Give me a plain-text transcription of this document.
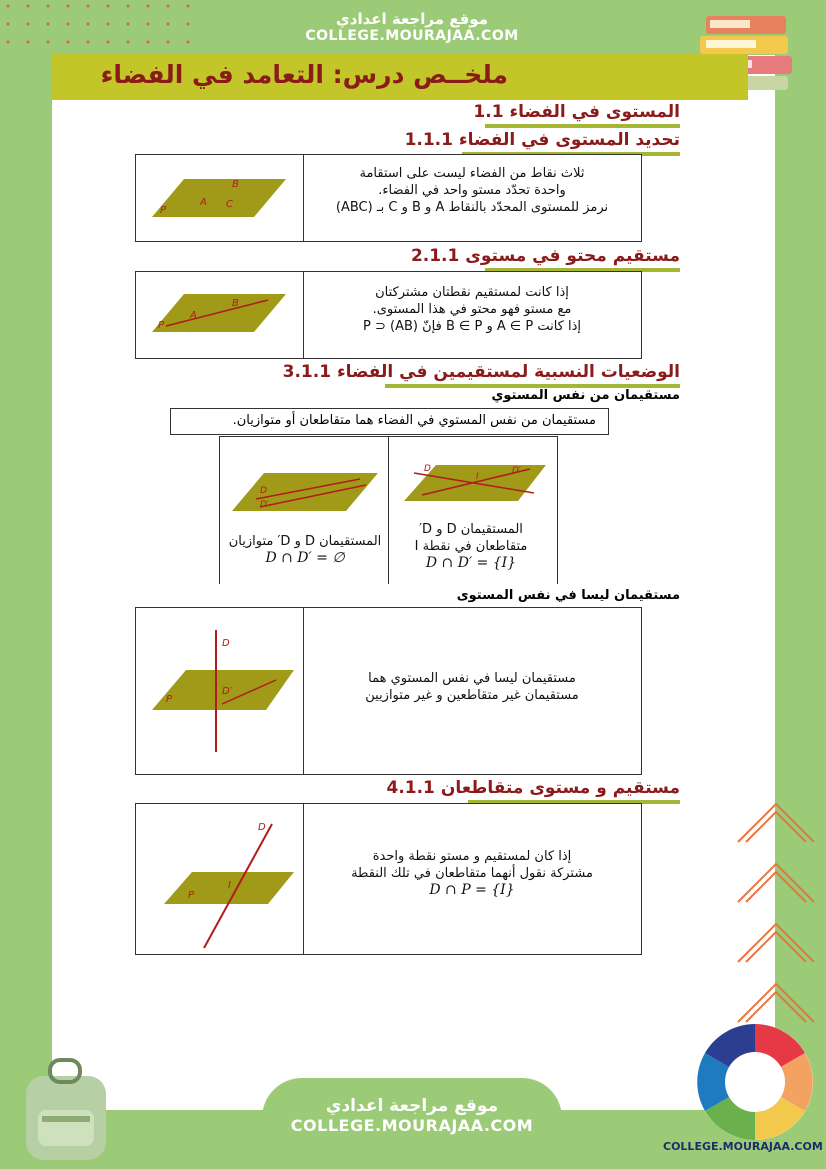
موقع مراجعة اعدادي
COLLEGE.MOURAJAA.COM
ملخــص درس: التعامد في الفضاء
المستوى في الفضاء 1.1
تحديد المستوى في الفضاء 1.1.1
P
A
B
C
ثلاث نقاط من الفضاء ليست على استقامة
واحدة تحدّد مستو واحد في الفضاء.
نرمز للمستوى المحدّد بالنقاط A و B و C بـ (ABC)
مستقيم محتو في مستوى 2.1.1
P
A
B
إذا كانت لمستقيم نقطتان مشتركتان
مع مستو فهو محتو في هذا المستوى.
إذا كانت A ∈ P و B ∈ P فإنّ (AB) ⊂ P
الوضعيات النسبية لمستقيمين في الفضاء 3.1.1
مستقيمان من نفس المستوي
مستقيمان من نفس المستوي في الفضاء هما متقاطعان أو متوازيان.
D	D′
I
المستقيمان D و D′
متقاطعان في نقطة I
D ∩ D′ = {I}
D
D′
المستقيمان D و D′ متوازيان
D ∩ D′ = ∅
مستقيمان ليسا في نفس المستوى
D
D′
P
مستقيمان ليسا في نفس المستوي هما
مستقيمان غير متقاطعين و غير متوازيين
مستقيم و مستوى متقاطعان 4.1.1
D
P
I
إذا كان لمستقيم و مستو نقطة واحدة
مشتركة نقول أنهما متقاطعان في تلك النقطة
D ∩ P = {I}
موقع مراجعة اعدادي
COLLEGE.MOURAJAA.COM
COLLEGE.MOURAJAA.COM
